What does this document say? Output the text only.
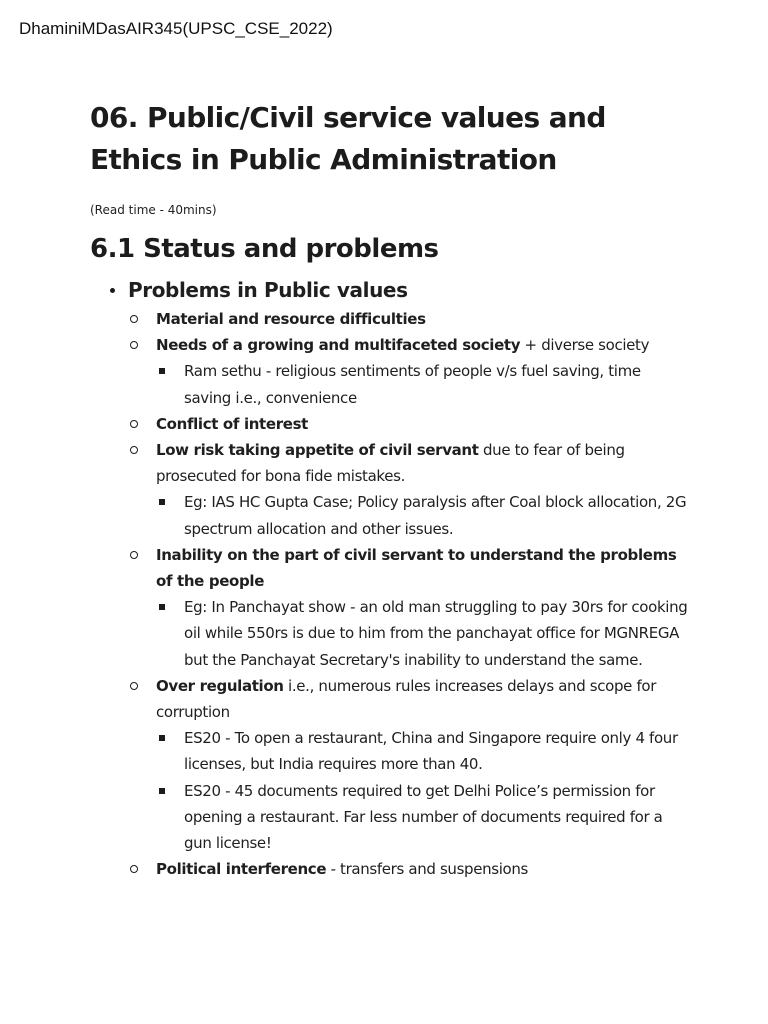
DhaminiMDasAIR345(UPSC_CSE_2022)
06. Public/Civil service values and Ethics in Public Administration
(Read time - 40mins)
6.1 Status and problems
Problems in Public values
Material and resource difficulties
Needs of a growing and multifaceted society + diverse society
Ram sethu - religious sentiments of people v/s fuel saving, time saving i.e., convenience
Conflict of interest
Low risk taking appetite of civil servant due to fear of being prosecuted for bona fide mistakes.
Eg: IAS HC Gupta Case; Policy paralysis after Coal block allocation, 2G spectrum allocation and other issues.
Inability on the part of civil servant to understand the problems of the people
Eg: In Panchayat show - an old man struggling to pay 30rs for cooking oil while 550rs is due to him from the panchayat office for MGNREGA but the Panchayat Secretary's inability to understand the same.
Over regulation i.e., numerous rules increases delays and scope for corruption
ES20 - To open a restaurant, China and Singapore require only 4 four licenses, but India requires more than 40.
ES20 - 45 documents required to get Delhi Police’s permission for opening a restaurant. Far less number of documents required for a gun license!
Political interference - transfers and suspensions
